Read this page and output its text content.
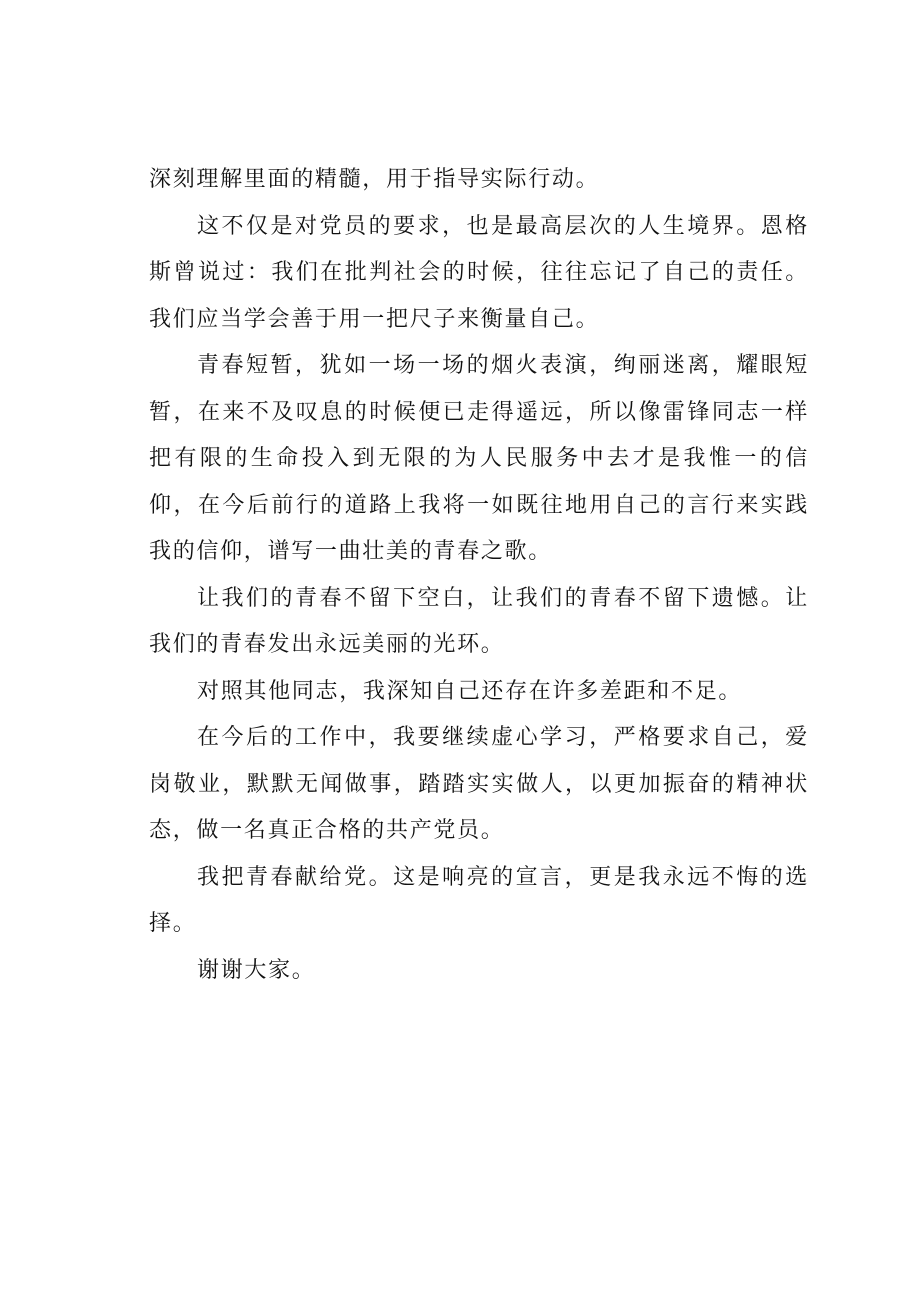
深刻理解里面的精髓，用于指导实际行动。

这不仅是对党员的要求，也是最高层次的人生境界。恩格斯曾说过：我们在批判社会的时候，往往忘记了自己的责任。我们应当学会善于用一把尺子来衡量自己。

青春短暂，犹如一场一场的烟火表演，绚丽迷离，耀眼短暂，在来不及叹息的时候便已走得遥远，所以像雷锋同志一样把有限的生命投入到无限的为人民服务中去才是我惟一的信仰，在今后前行的道路上我将一如既往地用自己的言行来实践我的信仰，谱写一曲壮美的青春之歌。

让我们的青春不留下空白，让我们的青春不留下遗憾。让我们的青春发出永远美丽的光环。

对照其他同志，我深知自己还存在许多差距和不足。

在今后的工作中，我要继续虚心学习，严格要求自己，爱岗敬业，默默无闻做事，踏踏实实做人，以更加振奋的精神状态，做一名真正合格的共产党员。

我把青春献给党。这是响亮的宣言，更是我永远不悔的选择。

谢谢大家。
